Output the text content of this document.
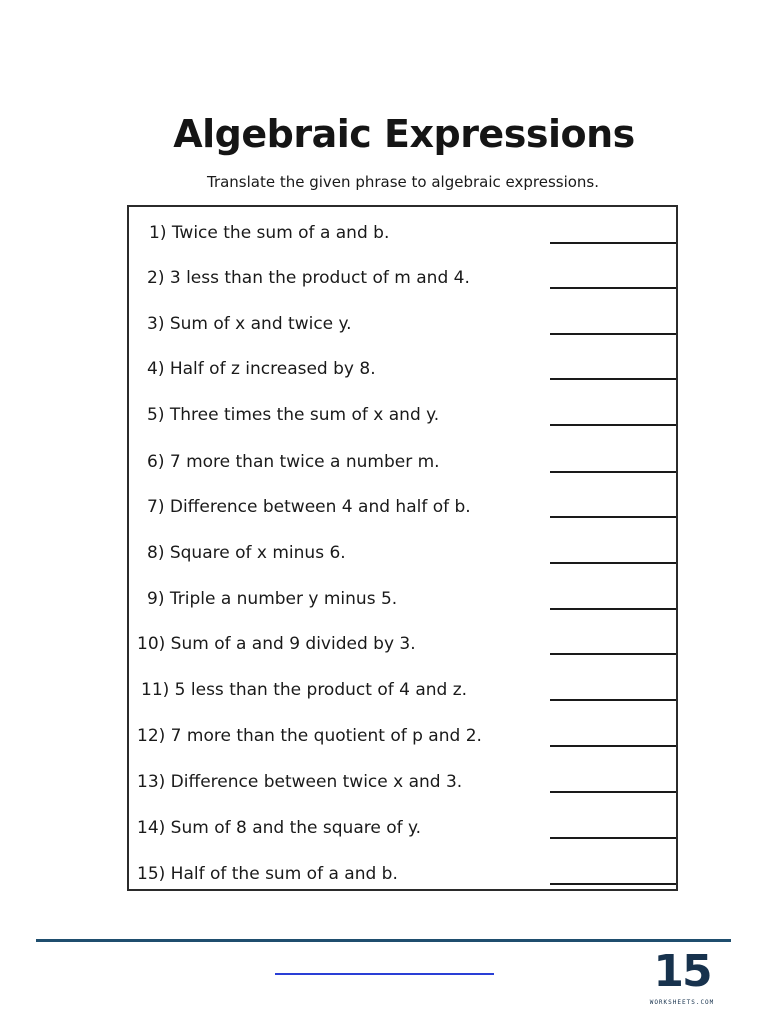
Algebraic Expressions
Translate the given phrase to algebraic expressions.
1) Twice the sum of a and b.
2) 3 less than the product of m and 4.
3) Sum of x and twice y.
4) Half of z increased by 8.
5) Three times the sum of x and y.
6) 7 more than twice a number m.
7) Difference between 4 and half of b.
8) Square of x minus 6.
9) Triple a number y minus 5.
10) Sum of a and 9 divided by 3.
11) 5 less than the product of 4 and z.
12) 7 more than the quotient of p and 2.
13) Difference between twice x and 3.
14) Sum of 8 and the square of y.
15) Half of the sum of a and b.
15
WORKSHEETS.COM
